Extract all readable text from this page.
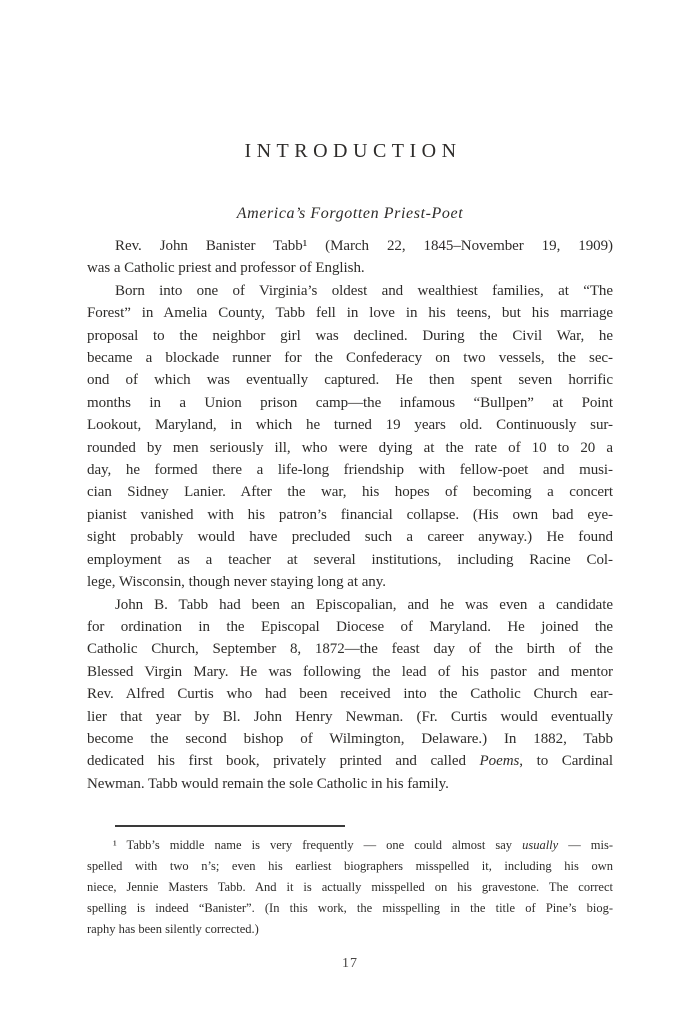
INTRODUCTION
America’s Forgotten Priest-Poet
Rev. John Banister Tabb¹ (March 22, 1845–November 19, 1909)
was a Catholic priest and professor of English.
Born into one of Virginia’s oldest and wealthiest families, at “The
Forest” in Amelia County, Tabb fell in love in his teens, but his marriage
proposal to the neighbor girl was declined. During the Civil War, he
became a blockade runner for the Confederacy on two vessels, the sec-
ond of which was eventually captured. He then spent seven horrific
months in a Union prison camp—the infamous “Bullpen” at Point
Lookout, Maryland, in which he turned 19 years old. Continuously sur-
rounded by men seriously ill, who were dying at the rate of 10 to 20 a
day, he formed there a life-long friendship with fellow-poet and musi-
cian Sidney Lanier. After the war, his hopes of becoming a concert
pianist vanished with his patron’s financial collapse. (His own bad eye-
sight probably would have precluded such a career anyway.) He found
employment as a teacher at several institutions, including Racine Col-
lege, Wisconsin, though never staying long at any.
John B. Tabb had been an Episcopalian, and he was even a candidate
for ordination in the Episcopal Diocese of Maryland. He joined the
Catholic Church, September 8, 1872—the feast day of the birth of the
Blessed Virgin Mary. He was following the lead of his pastor and mentor
Rev. Alfred Curtis who had been received into the Catholic Church ear-
lier that year by Bl. John Henry Newman. (Fr. Curtis would eventually
become the second bishop of Wilmington, Delaware.) In 1882, Tabb
dedicated his first book, privately printed and called Poems, to Cardinal
Newman. Tabb would remain the sole Catholic in his family.
¹ Tabb’s middle name is very frequently — one could almost say usually — mis-
spelled with two n’s; even his earliest biographers misspelled it, including his own
niece, Jennie Masters Tabb. And it is actually misspelled on his gravestone. The correct
spelling is indeed “Banister”. (In this work, the misspelling in the title of Pine’s biog-
raphy has been silently corrected.)
17
